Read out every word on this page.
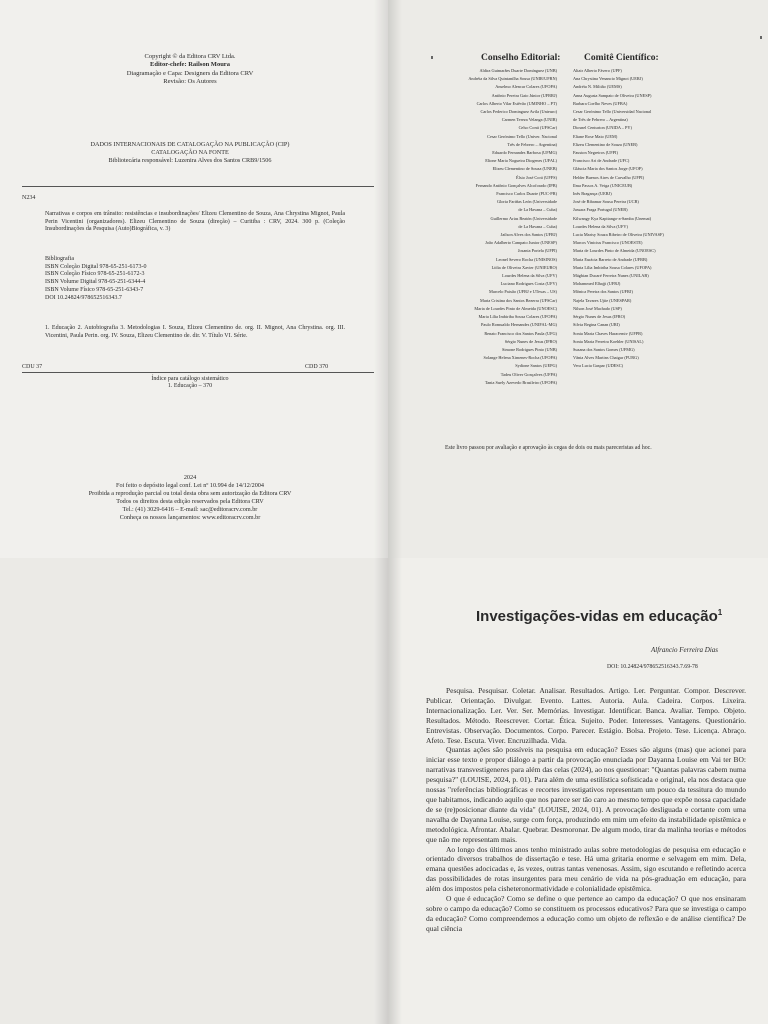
Copyright © da Editora CRV Ltda.
Editor-chefe: Railson Moura
Diagramação e Capa: Designers da Editora CRV
Revisão: Os Autores
DADOS INTERNACIONAIS DE CATALOGAÇÃO NA PUBLICAÇÃO (CIP)
CATALOGAÇÃO NA FONTE
Bibliotecária responsável: Luzenira Alves dos Santos CRB9/1506
N234
Narrativas e corpos em trânsito: resistências e insubordinações/ Elizeu Clementino de Souza, Ana Chrystina Mignot, Paula Perin Vicentini (organizadores). Elizeu Clementino de Souza (direção) – Curitiba : CRV, 2024. 300 p. (Coleção Insubordinações da Pesquisa (Auto)Biográfica, v. 3)
Bibliografia
ISBN Coleção Digital 978-65-251-6173-0
ISBN Coleção Físico 978-65-251-6172-3
ISBN Volume Digital 978-65-251-6344-4
ISBN Volume Físico 978-65-251-6343-7
DOI 10.24824/978652516343.7
1. Educação 2. Autobiografia 3. Metodologias I. Souza, Elizeu Clementino de. org. II. Mignot, Ana Chrystina. org. III. Vicentini, Paula Perin. org. IV. Souza, Elizeu Clementino de. dir. V. Título VI. Série.
CDU 37	CDD 370
Índice para catálogo sistemático
1. Educação – 370
2024
Foi feito o depósito legal conf. Lei nº 10.994 de 14/12/2004
Proibida a reprodução parcial ou total desta obra sem autorização da Editora CRV
Todos os direitos desta edição reservados pela Editora CRV
Tel.: (41) 3029-6416 – E-mail: sac@editoracrv.com.br
Conheça os nossos lançamentos: www.editoracrv.com.br
Conselho Editorial: Comitê Científico:
Aldira Guimarães Duarte Domínguez (UNB)
Andréia da Silva Quintanilha Sousa (UNIR/UFRN)
Anselmo Alencar Colares (UFOPA)
Antônio Pereira Gaio Júnior (UFRRJ)
Carlos Alberto Vilar Estêvão (UMINHO – PT)
Carlos Federico Dominguez Avila (Unieuro)
Carmen Tereza Velanga (UNIR)
Celso Conti (UFSCar)
Cesar Gerónimo Tello (Univer. Nacional
Três de Febrero – Argentina)
Eduardo Fernandes Barbosa (UFMG)
Elione Maria Nogueira Diogenes (UFAL)
Elizeu Clementino de Souza (UNEB)
Élsio José Corá (UFFS)
Fernando Antônio Gonçalves Alcoforado (IPB)
Francisco Carlos Duarte (PUC-PR)
Gloria Fariñas León (Universidade
de La Havana – Cuba)
Guillermo Arias Beatón (Universidade
de La Havana – Cuba)
Jailson Alves dos Santos (UFRJ)
João Adalberto Campato Junior (UNESP)
Josania Portela (UFPI)
Leonel Severo Rocha (UNISINOS)
Lídia de Oliveira Xavier (UNIEURO)
Lourdes Helena da Silva (UFV)
Luciano Rodrigues Costa (UFV)
Marcelo Paixão (UFRJ e UTexas – US)
Maria Cristina dos Santos Bezerra (UFSCar)
Maria de Lourdes Pinto de Almeida (UNOESC)
Maria Lília Imbiriba Sousa Colares (UFOPA)
Paulo Romualdo Hernandes (UNIFAL-MG)
Renato Francisco dos Santos Paula (UFG)
Sérgio Nunes de Jesus (IFRO)
Simone Rodrigues Pinto (UNB)
Solange Helena Ximenes-Rocha (UFOPA)
Sydione Santos (UEPG)
Tadeu Oliver Gonçalves (UFPA)
Tania Suely Azevedo Brasileiro (UFOPA)
Altair Alberto Fávero (UPF)
Ana Chrystina Venancio Mignot (UERJ)
Andréia N. Militão (UEMS)
Anna Augusta Sampaio de Oliveira (UNESP)
Barbara Coelho Neves (UFBA)
Cesar Gerónimo Tello (Universidad Nacional
de Três de Febrero – Argentina)
Diosnel Centurion (UNIDA – PY)
Eliane Rose Maio (UEM)
Elizeu Clementino de Souza (UNEB)
Fauston Negreiros (UFPI)
Francisco Ari de Andrade (UFC)
Gláucia Maria dos Santos Jorge (UFOP)
Helder Buenos Aires de Carvalho (UFPI)
Ilma Passos A. Veiga (UNICEUB)
Inês Bragança (UERJ)
José de Ribamar Sousa Pereira (UCB)
Jussara Fraga Portugal (UNEB)
Kilwangy Kya Kapitango-a-Samba (Unemat)
Lourdes Helena da Silva (UFV)
Lucia Marisy Souza Ribeiro de Oliveira (UNIVASF)
Marcos Vinicius Francisco (UNOESTE)
Maria de Lourdes Pinto de Almeida (UNOESC)
Maria Eurácia Barreto de Andrade (UFRB)
Maria Lília Imbiriba Sousa Colares (UFOPA)
Mágbian Ducaré Ferreira Nunes (UNILAB)
Mohammed Elhajji (UFRJ)
Mônica Pereira dos Santos (UFRJ)
Najela Tavares Ujiie (UNESPAR)
Nilson José Machado (USP)
Sérgio Nunes de Jesus (IFRO)
Silvia Regina Canan (URI)
Sonia Maria Chaves Haracemiv (UFPR)
Sonia Maria Ferreira Koehler (UNISAL)
Suzana dos Santos Gomes (UFMG)
Vânia Alves Martins Chaigar (FURG)
Vera Lucia Gaspar (UDESC)
Este livro passou por avaliação e aprovação às cegas de dois ou mais pareceristas ad hoc.
Investigações-vidas em educação$^1$
Alfrancio Ferreira Dias
DOI: 10.24824/978652516343.7.69-78

Pesquisa. Pesquisar. Coletar. Analisar. Resultados. Artigo. Ler. Perguntar. Compor. Descrever. Publicar. Orientação. Divulgar. Evento. Lattes. Autoria. Aula. Cadeira. Corpos. Lixeira. Internacionalização. Ler. Ver. Ser. Memórias. Investigar. Identificar. Banca. Avaliar. Tempo. Objeto. Resultados. Método. Reescrever. Cortar. Ética. Sujeito. Poder. Interesses. Vantagens. Questionário. Entrevistas. Observação. Documentos. Corpo. Parecer. Estágio. Bolsa. Projeto. Tese. Licença. Abraço. Afeto. Tese. Escuta. Viver. Encruzilhada. Vida.

Quantas ações são possíveis na pesquisa em educação? Esses são alguns (mas) que acionei para iniciar esse texto e propor diálogo a partir da provocação enunciada por Dayanna Louise em Vai ter BO: narrativas transvestigeneres para além das celas (2024), ao nos questionar: "Quantas palavras cabem numa pesquisa?" (LOUISE, 2024, p. 01). Para além de uma estilística sofisticada e original, ela nos destaca que nossas "referências bibliográficas e recortes investigativos representam um pouco da tessitura do mundo que habitamos, indicando aquilo que nos parece ser tão caro ao mesmo tempo que expõe nossa capacidade de se (re)posicionar diante da vida" (LOUISE, 2024, 01). A provocação desliguada e cortante com uma navalha de Dayanna Louise, surge com força, produzindo em mim um efeito da instabilidade epistêmica e metodológica. Afrontar. Abalar. Quebrar. Desmoronar. De algum modo, tirar da malinha teorias e métodos que não me representam mais.

Ao longo dos últimos anos tenho ministrado aulas sobre metodologias de pesquisa em educação e orientado diversos trabalhos de dissertação e tese. Há uma gritaria enorme e selvagem em mim. Dela, emana questões adocicadas e, às vezes, outras tantas venenosas. Assim, sigo escutando e refletindo acerca das possibilidades de rotas insurgentes para meu cenário de vida na pós-graduação em educação, para além dos impostos pela cisheteronormatividade e colonialidade epistêmica.

O que é educação? Como se define o que pertence ao campo da educação? O que nos ensinaram sobre o campo da educação? Como se constituem os processos educativos? Para que se investiga o campo da educação? Como compreendemos a educação como um objeto de reflexão e de análise científica? De qual ciência
